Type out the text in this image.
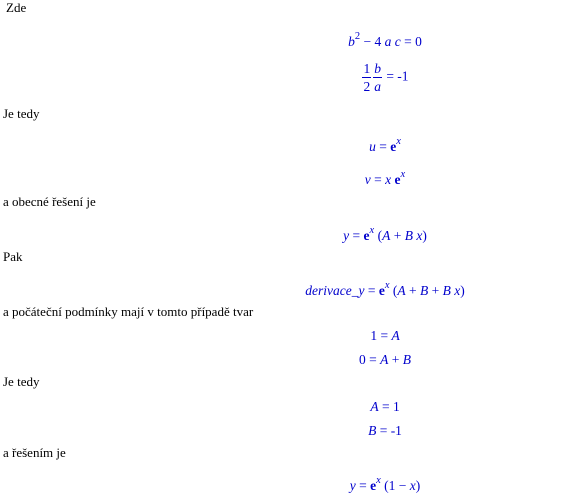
Zde
$b^2 - 4$ a c = 0
$\frac{1}{2} \frac{b}{a} = -1$
Je tedy
$u = e^x$
v = x $e^x$
a obecné řešení je
$y = e^x$ (A + B x)
Pak
derivace_y = $e^x$ (A + B + B x)
a počáteční podmínky mají v tomto případě tvar
1 = A
0 = A + B
Je tedy
A = 1
B = -1
a řešením je
$y = e^x$ (1 − x)
